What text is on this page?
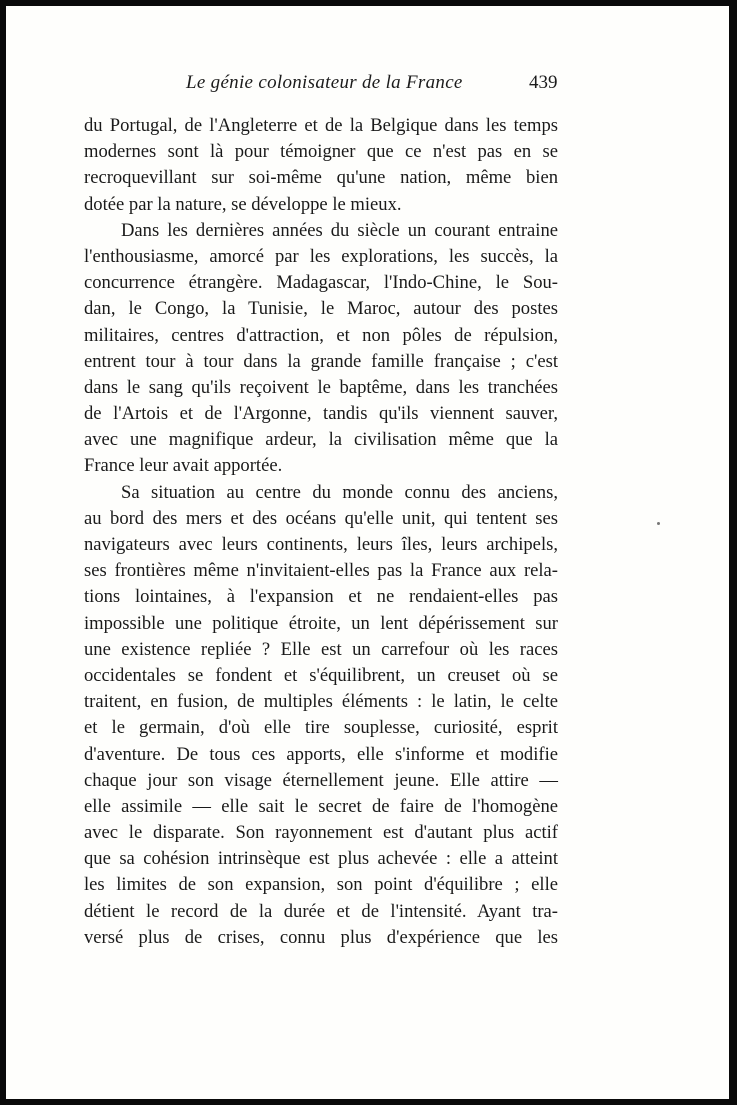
Le génie colonisateur de la France	439
du Portugal, de l'Angleterre et de la Belgique dans les temps
modernes sont là pour témoigner que ce n'est pas en se
recroquevillant sur soi-même qu'une nation, même bien
dotée par la nature, se développe le mieux.
Dans les dernières années du siècle un courant entraine
l'enthousiasme, amorcé par les explorations, les succès, la
concurrence étrangère. Madagascar, l'Indo-Chine, le Sou-
dan, le Congo, la Tunisie, le Maroc, autour des postes
militaires, centres d'attraction, et non pôles de répulsion,
entrent tour à tour dans la grande famille française ; c'est
dans le sang qu'ils reçoivent le baptême, dans les tranchées
de l'Artois et de l'Argonne, tandis qu'ils viennent sauver,
avec une magnifique ardeur, la civilisation même que la
France leur avait apportée.
Sa situation au centre du monde connu des anciens,
au bord des mers et des océans qu'elle unit, qui tentent ses
navigateurs avec leurs continents, leurs îles, leurs archipels,
ses frontières même n'invitaient-elles pas la France aux rela-
tions lointaines, à l'expansion et ne rendaient-elles pas
impossible une politique étroite, un lent dépérissement sur
une existence repliée ? Elle est un carrefour où les races
occidentales se fondent et s'équilibrent, un creuset où se
traitent, en fusion, de multiples éléments : le latin, le celte
et le germain, d'où elle tire souplesse, curiosité, esprit
d'aventure. De tous ces apports, elle s'informe et modifie
chaque jour son visage éternellement jeune. Elle attire —
elle assimile — elle sait le secret de faire de l'homogène
avec le disparate. Son rayonnement est d'autant plus actif
que sa cohésion intrinsèque est plus achevée : elle a atteint
les limites de son expansion, son point d'équilibre ; elle
détient le record de la durée et de l'intensité. Ayant tra-
versé plus de crises, connu plus d'expérience que les
